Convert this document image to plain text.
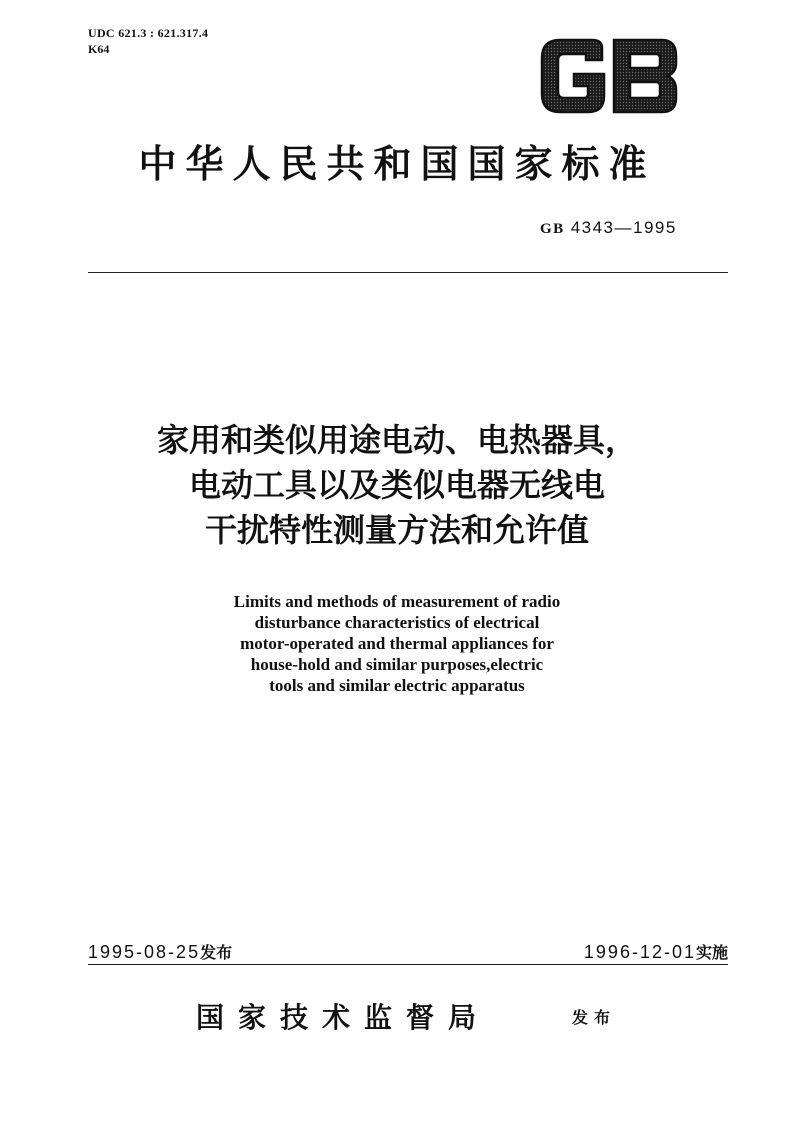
UDC 621.3 : 621.317.4
K64
中华人民共和国国家标准
GB 4343—1995
家用和类似用途电动、电热器具，
电动工具以及类似电器无线电
干扰特性测量方法和允许值
Limits and methods of measurement of radio
disturbance characteristics of electrical
motor-operated and thermal appliances for
house-hold and similar purposes,electric
tools and similar electric apparatus
1995-08-25发布	1996-12-01实施
国家技术监督局	发布
